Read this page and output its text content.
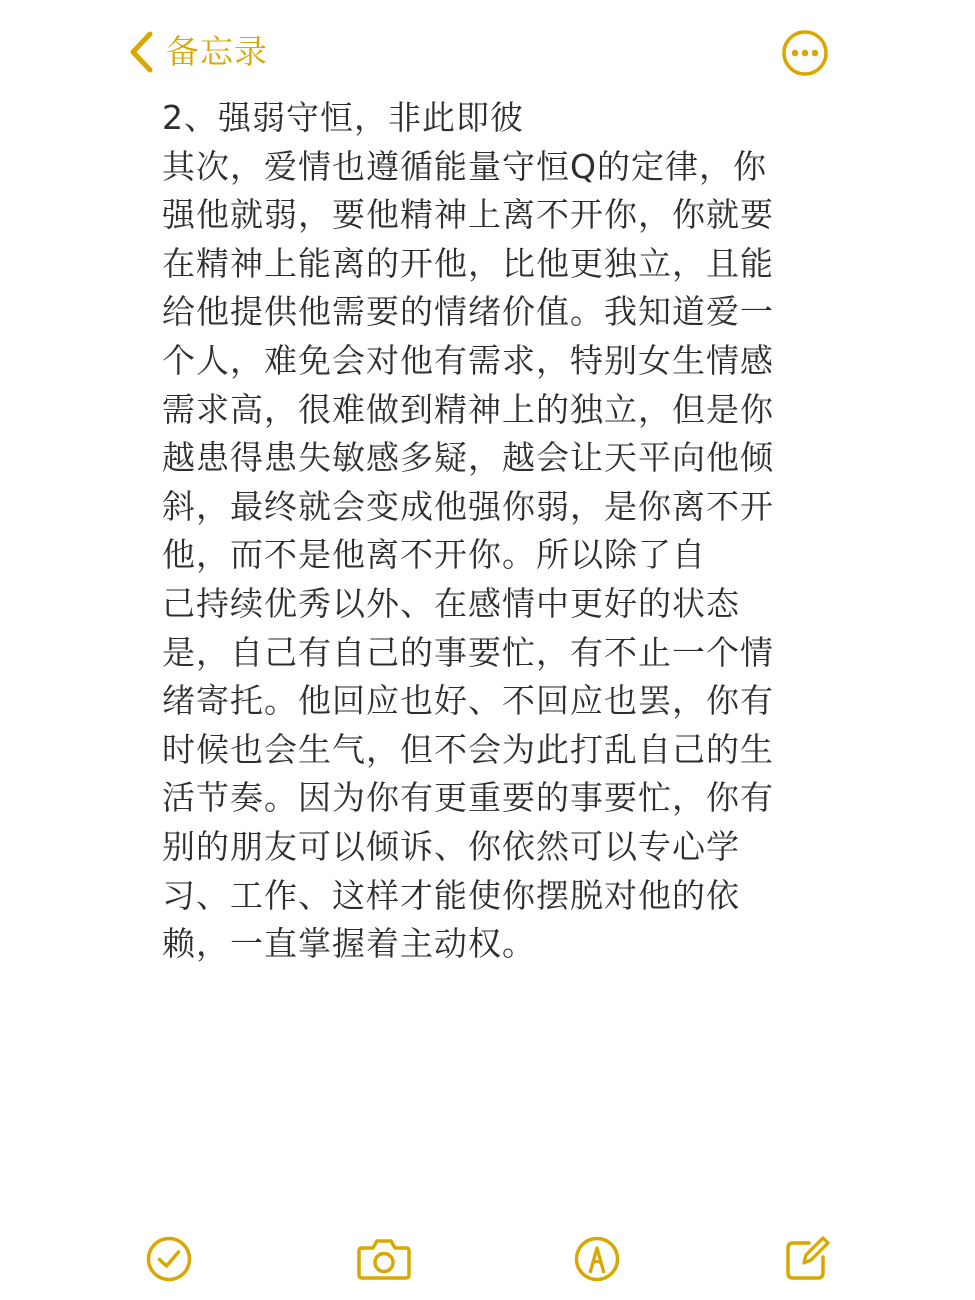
备忘录
2、强弱守恒，非此即彼
其次，爱情也遵循能量守恒Q的定律，你
强他就弱，要他精神上离不开你，你就要
在精神上能离的开他，比他更独立，且能
给他提供他需要的情绪价值。我知道爱一
个人，难免会对他有需求，特别女生情感
需求高，很难做到精神上的独立，但是你
越患得患失敏感多疑，越会让天平向他倾
斜，最终就会变成他强你弱，是你离不开
他，而不是他离不开你。所以除了自
己持续优秀以外、在感情中更好的状态
是，自己有自己的事要忙，有不止一个情
绪寄托。他回应也好、不回应也罢，你有
时候也会生气，但不会为此打乱自己的生
活节奏。因为你有更重要的事要忙，你有
别的朋友可以倾诉、你依然可以专心学
习、工作、这样才能使你摆脱对他的依
赖，一直掌握着主动权。
